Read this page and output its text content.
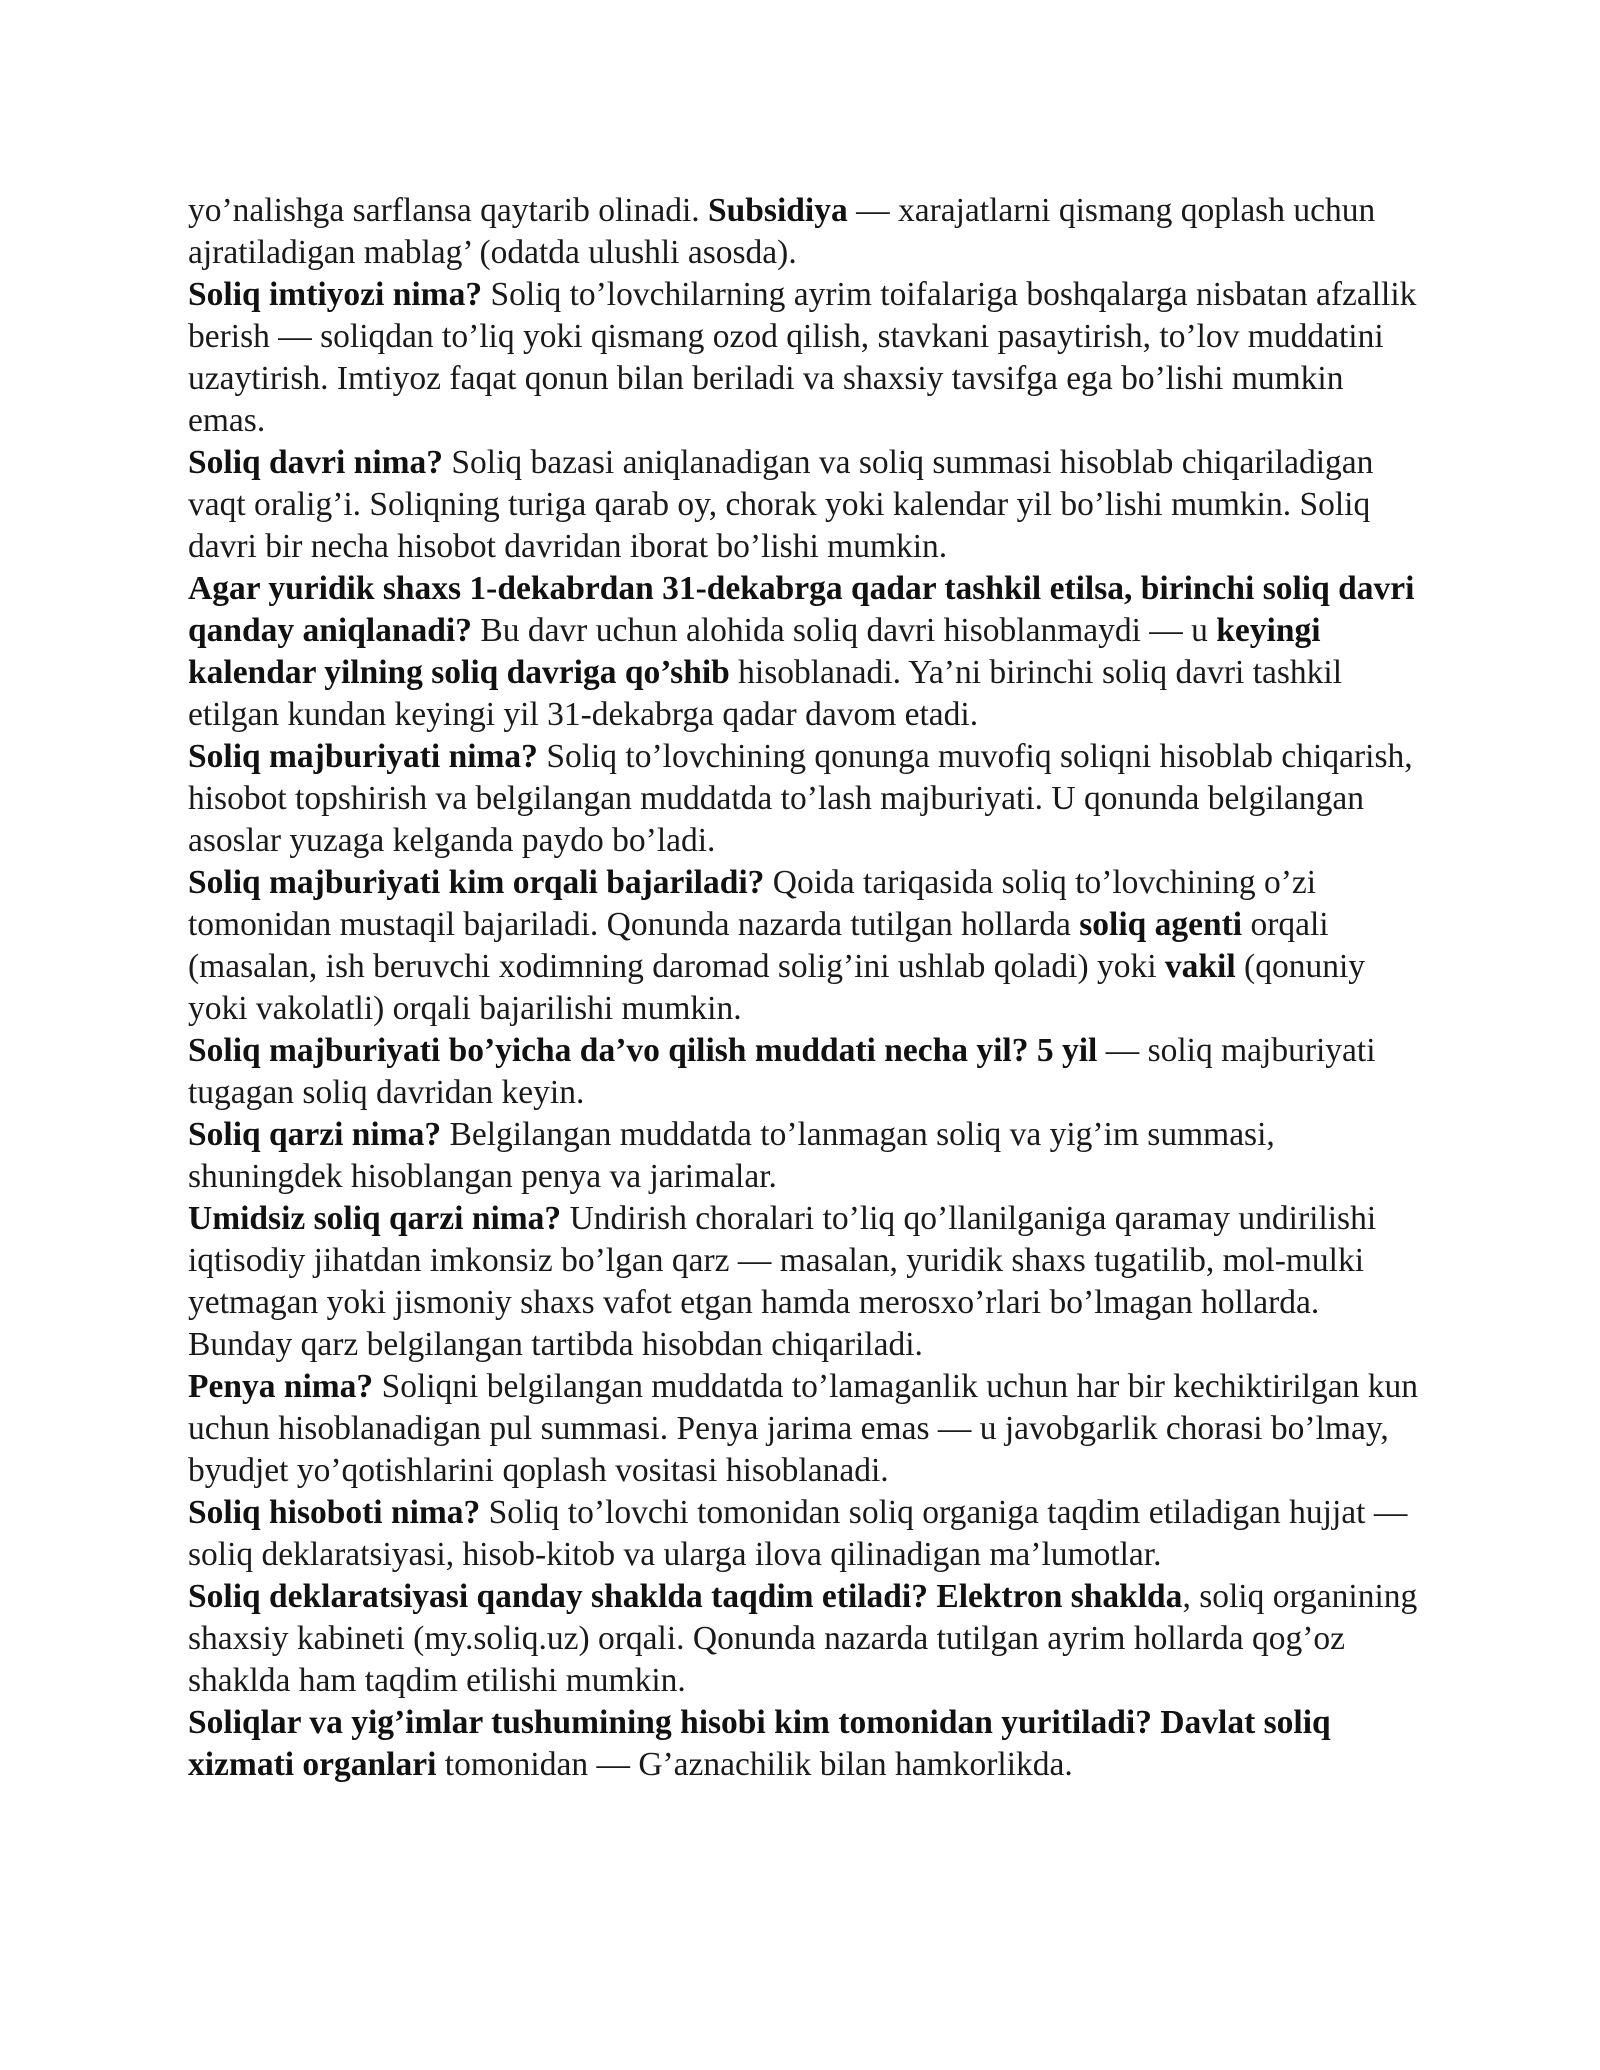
yo’nalishga sarflansa qaytarib olinadi. Subsidiya — xarajatlarni qismang qoplash uchun ajratiladigan mablag’ (odatda ulushli asosda).

Soliq imtiyozi nima? Soliq to’lovchilarning ayrim toifalariga boshqalarga nisbatan afzallik berish — soliqdan to’liq yoki qismang ozod qilish, stavkani pasaytirish, to’lov muddatini uzaytirish. Imtiyoz faqat qonun bilan beriladi va shaxsiy tavsifga ega bo’lishi mumkin emas.

Soliq davri nima? Soliq bazasi aniqlanadigan va soliq summasi hisoblab chiqariladigan vaqt oralig’i. Soliqning turiga qarab oy, chorak yoki kalendar yil bo’lishi mumkin. Soliq davri bir necha hisobot davridan iborat bo’lishi mumkin.

Agar yuridik shaxs 1-dekabrdan 31-dekabrga qadar tashkil etilsa, birinchi soliq davri qanday aniqlanadi? Bu davr uchun alohida soliq davri hisoblanmaydi — u keyingi kalendar yilning soliq davriga qo’shib hisoblanadi. Ya’ni birinchi soliq davri tashkil etilgan kundan keyingi yil 31-dekabrga qadar davom etadi.

Soliq majburiyati nima? Soliq to’lovchining qonunga muvofiq soliqni hisoblab chiqarish, hisobot topshirish va belgilangan muddatda to’lash majburiyati. U qonunda belgilangan asoslar yuzaga kelganda paydo bo’ladi.

Soliq majburiyati kim orqali bajariladi? Qoida tariqasida soliq to’lovchining o’zi tomonidan mustaqil bajariladi. Qonunda nazarda tutilgan hollarda soliq agenti orqali (masalan, ish beruvchi xodimning daromad solig’ini ushlab qoladi) yoki vakil (qonuniy yoki vakolatli) orqali bajarilishi mumkin.

Soliq majburiyati bo’yicha da’vo qilish muddati necha yil? 5 yil — soliq majburiyati tugagan soliq davridan keyin.

Soliq qarzi nima? Belgilangan muddatda to’lanmagan soliq va yig’im summasi, shuningdek hisoblangan penya va jarimalar.

Umidsiz soliq qarzi nima? Undirish choralari to’liq qo’llanilganiga qaramay undirilishi iqtisodiy jihatdan imkonsiz bo’lgan qarz — masalan, yuridik shaxs tugatilib, mol-mulki yetmagan yoki jismoniy shaxs vafot etgan hamda merosxo’rlari bo’lmagan hollarda. Bunday qarz belgilangan tartibda hisobdan chiqariladi.

Penya nima? Soliqni belgilangan muddatda to’lamaganlik uchun har bir kechiktirilgan kun uchun hisoblanadigan pul summasi. Penya jarima emas — u javobgarlik chorasi bo’lmay, byudjet yo’qotishlarini qoplash vositasi hisoblanadi.

Soliq hisoboti nima? Soliq to’lovchi tomonidan soliq organiga taqdim etiladigan hujjat — soliq deklaratsiyasi, hisob-kitob va ularga ilova qilinadigan ma’lumotlar.

Soliq deklaratsiyasi qanday shaklda taqdim etiladi? Elektron shaklda, soliq organining shaxsiy kabineti (my.soliq.uz) orqali. Qonunda nazarda tutilgan ayrim hollarda qog’oz shaklda ham taqdim etilishi mumkin.

Soliqlar va yig’imlar tushumining hisobi kim tomonidan yuritiladi? Davlat soliq xizmati organlari tomonidan — G’aznachilik bilan hamkorlikda.
